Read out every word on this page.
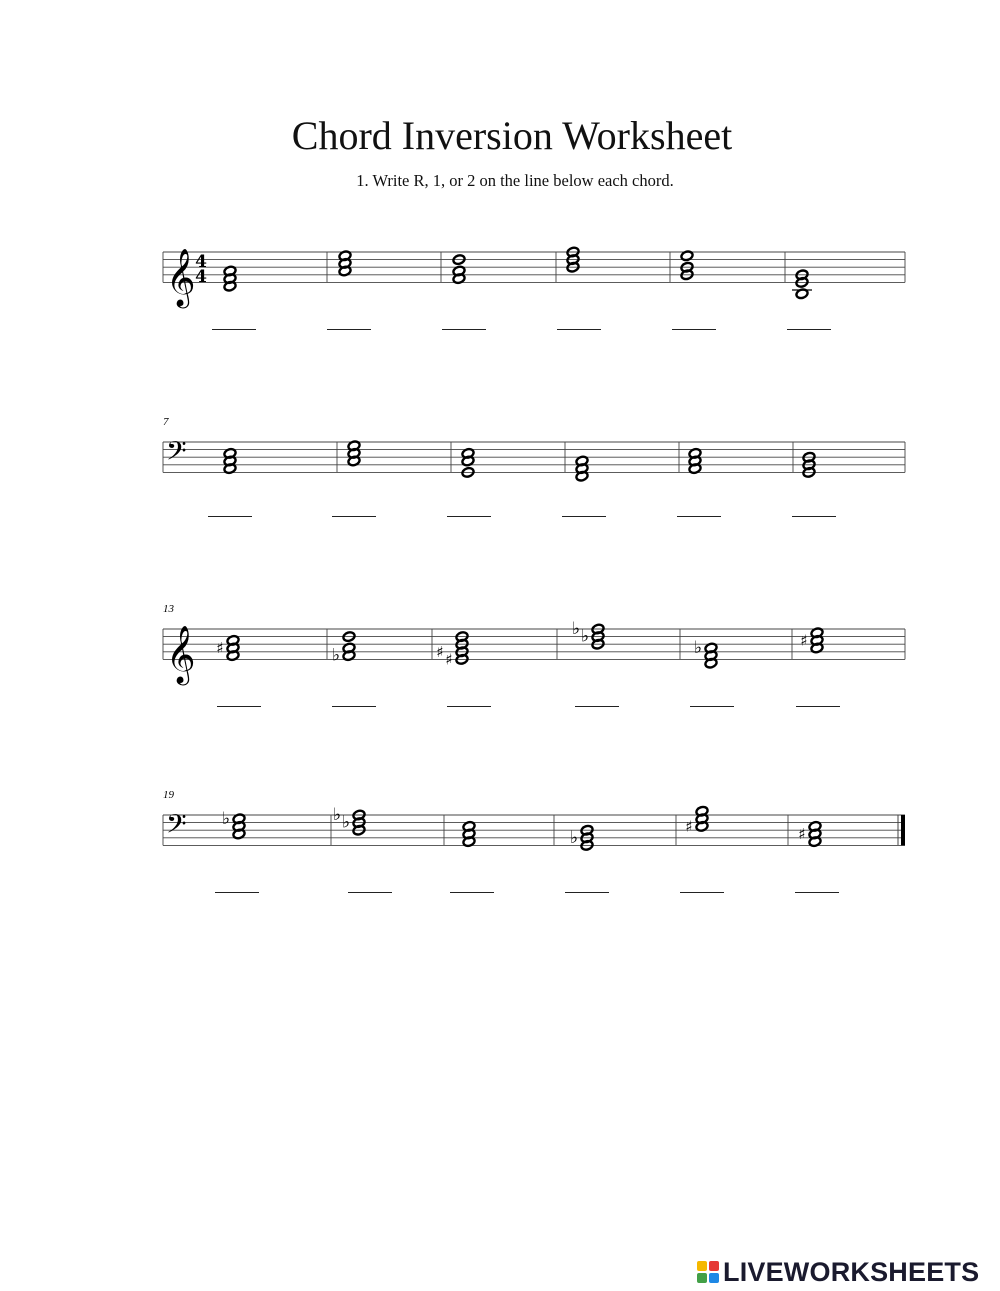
Chord Inversion Worksheet
1. Write R, 1, or 2 on the line below each chord.
𝄞 4
4
𝄢
7
𝄞
13
♯	♭	♯
♯
♭
♭
♭	♯
𝄢
19
♭	♭
♭
♭
♯	♯
LIVEWORKSHEETS
